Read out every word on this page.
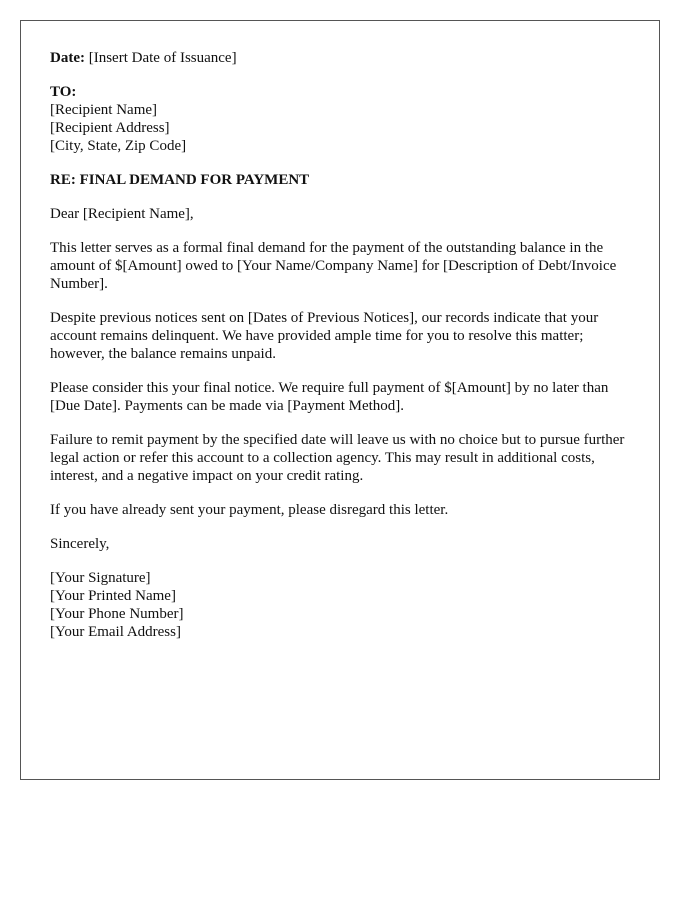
Date: [Insert Date of Issuance]
TO:
[Recipient Name]
[Recipient Address]
[City, State, Zip Code]
RE: FINAL DEMAND FOR PAYMENT

Dear [Recipient Name],

This letter serves as a formal final demand for the payment of the outstanding balance in the amount of $[Amount] owed to [Your Name/Company Name] for [Description of Debt/Invoice Number].

Despite previous notices sent on [Dates of Previous Notices], our records indicate that your account remains delinquent. We have provided ample time for you to resolve this matter; however, the balance remains unpaid.

Please consider this your final notice. We require full payment of $[Amount] by no later than [Due Date]. Payments can be made via [Payment Method].

Failure to remit payment by the specified date will leave us with no choice but to pursue further legal action or refer this account to a collection agency. This may result in additional costs, interest, and a negative impact on your credit rating.

If you have already sent your payment, please disregard this letter.

Sincerely,

[Your Signature]
[Your Printed Name]
[Your Phone Number]
[Your Email Address]
